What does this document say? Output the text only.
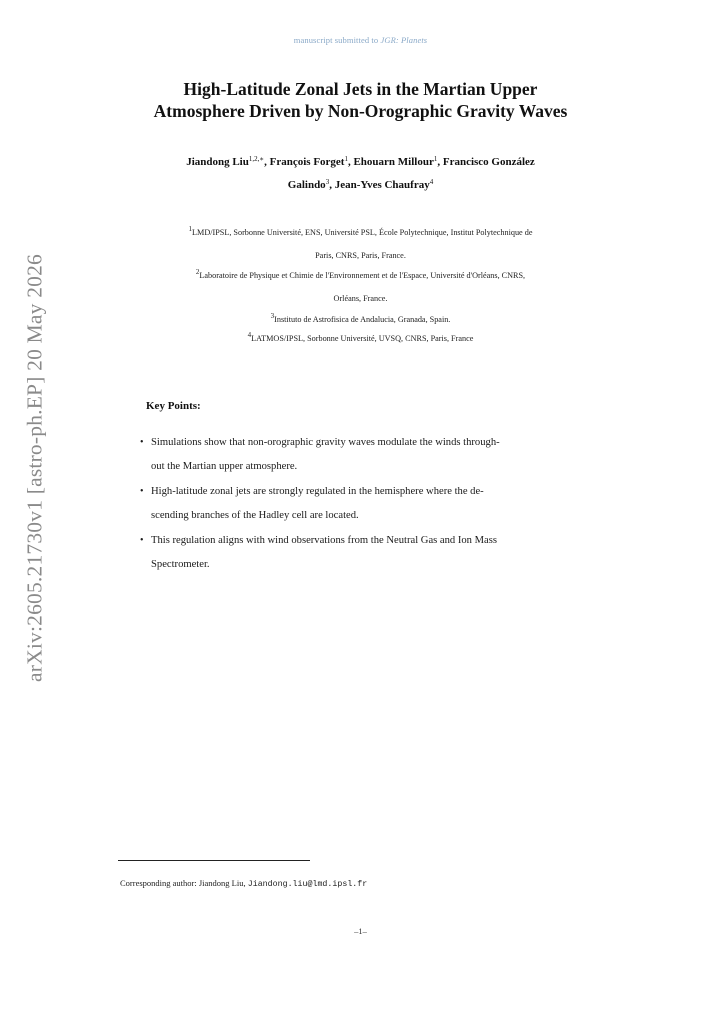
manuscript submitted to JGR: Planets
High-Latitude Zonal Jets in the Martian Upper
Atmosphere Driven by Non-Orographic Gravity Waves
Jiandong Liu$^{1,2,∗}$, François Forget$^1$, Ehouarn Millour$^1$, Francisco González
Galindo$^3$, Jean-Yves Chaufray$^4$
$^1$LMD/IPSL, Sorbonne Université, ENS, Université PSL, École Polytechnique, Institut Polytechnique de
Paris, CNRS, Paris, France.
$^2$Laboratoire de Physique et Chimie de l'Environnement et de l'Espace, Université d'Orléans, CNRS,
Orléans, France.
$^3$Instituto de Astrofisica de Andalucia, Granada, Spain.
$^4$LATMOS/IPSL, Sorbonne Université, UVSQ, CNRS, Paris, France
Key Points:
• Simulations show that non-orographic gravity waves modulate the winds through-
out the Martian upper atmosphere.
• High-latitude zonal jets are strongly regulated in the hemisphere where the de-
scending branches of the Hadley cell are located.
• This regulation aligns with wind observations from the Neutral Gas and Ion Mass
Spectrometer.
arXiv:2605.21730v1 [astro-ph.EP] 20 May 2026
Corresponding author: Jiandong Liu, Jiandong.liu@lmd.ipsl.fr
–1–
